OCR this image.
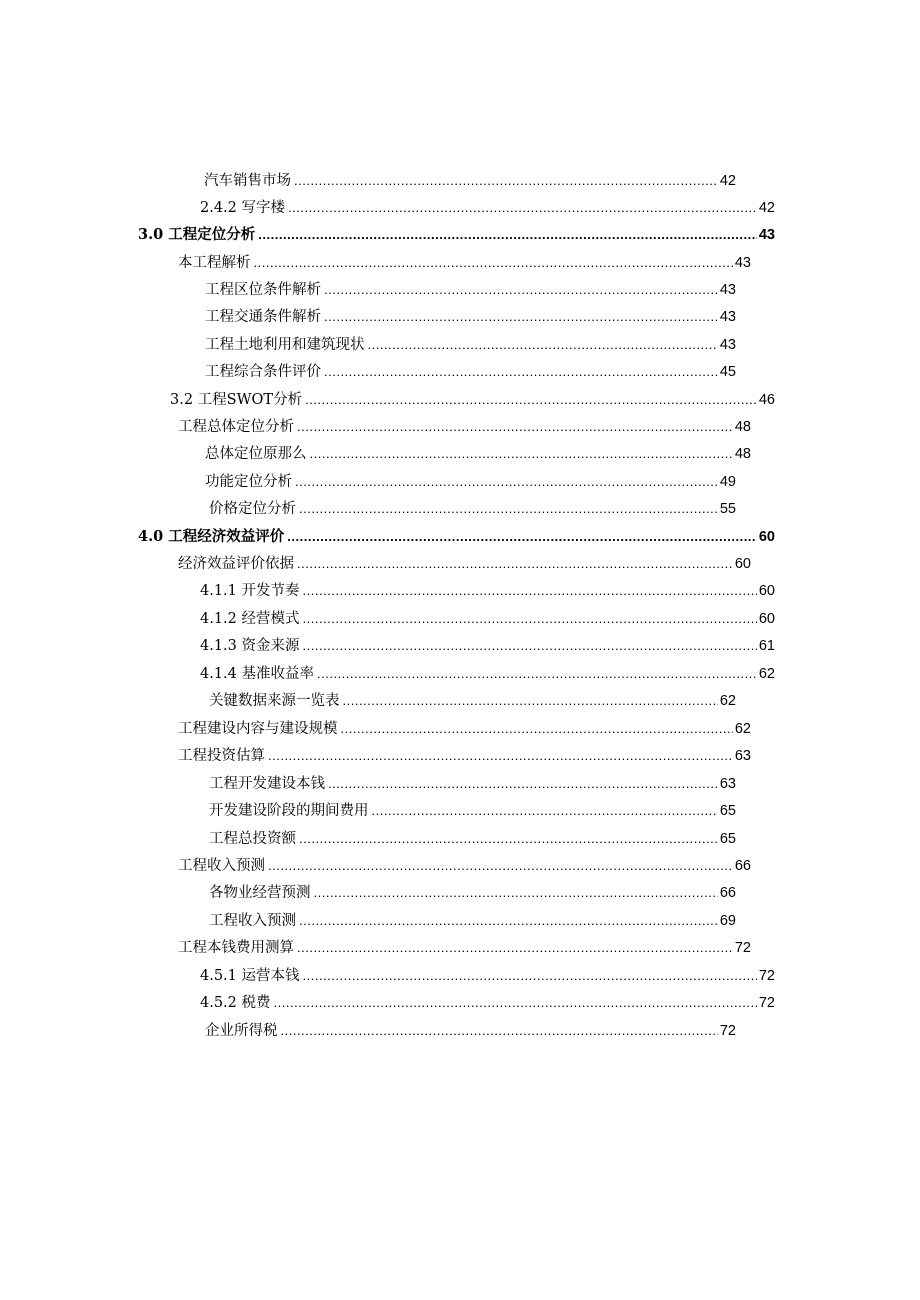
汽车销售市场 .....	42
2.4.2 写字楼 .....	42
3.0 工程定位分析 .....	43
本工程解析 .....	43
工程区位条件解析 .....	43
工程交通条件解析 .....	43
工程土地利用和建筑现状 .....	43
工程综合条件评价 .....	45
3.2 工程SWOT分析 .....	46
工程总体定位分析 .....	48
总体定位原那么 .....	48
功能定位分析 .....	49
价格定位分析 .....	55
4.0 工程经济效益评价 .....	60
经济效益评价依据 .....	60
4.1.1 开发节奏 .....	60
4.1.2 经营模式 .....	60
4.1.3 资金来源 .....	61
4.1.4 基准收益率 .....	62
关键数据来源一览表 .....	62
工程建设内容与建设规模 .....	62
工程投资估算 .....	63
工程开发建设本钱 .....	63
开发建设阶段的期间费用 .....	65
工程总投资额 .....	65
工程收入预测 .....	66
各物业经营预测 .....	66
工程收入预测 .....	69
工程本钱费用测算 .....	72
4.5.1 运营本钱 .....	72
4.5.2 税费 .....	72
企业所得税 .....	72
